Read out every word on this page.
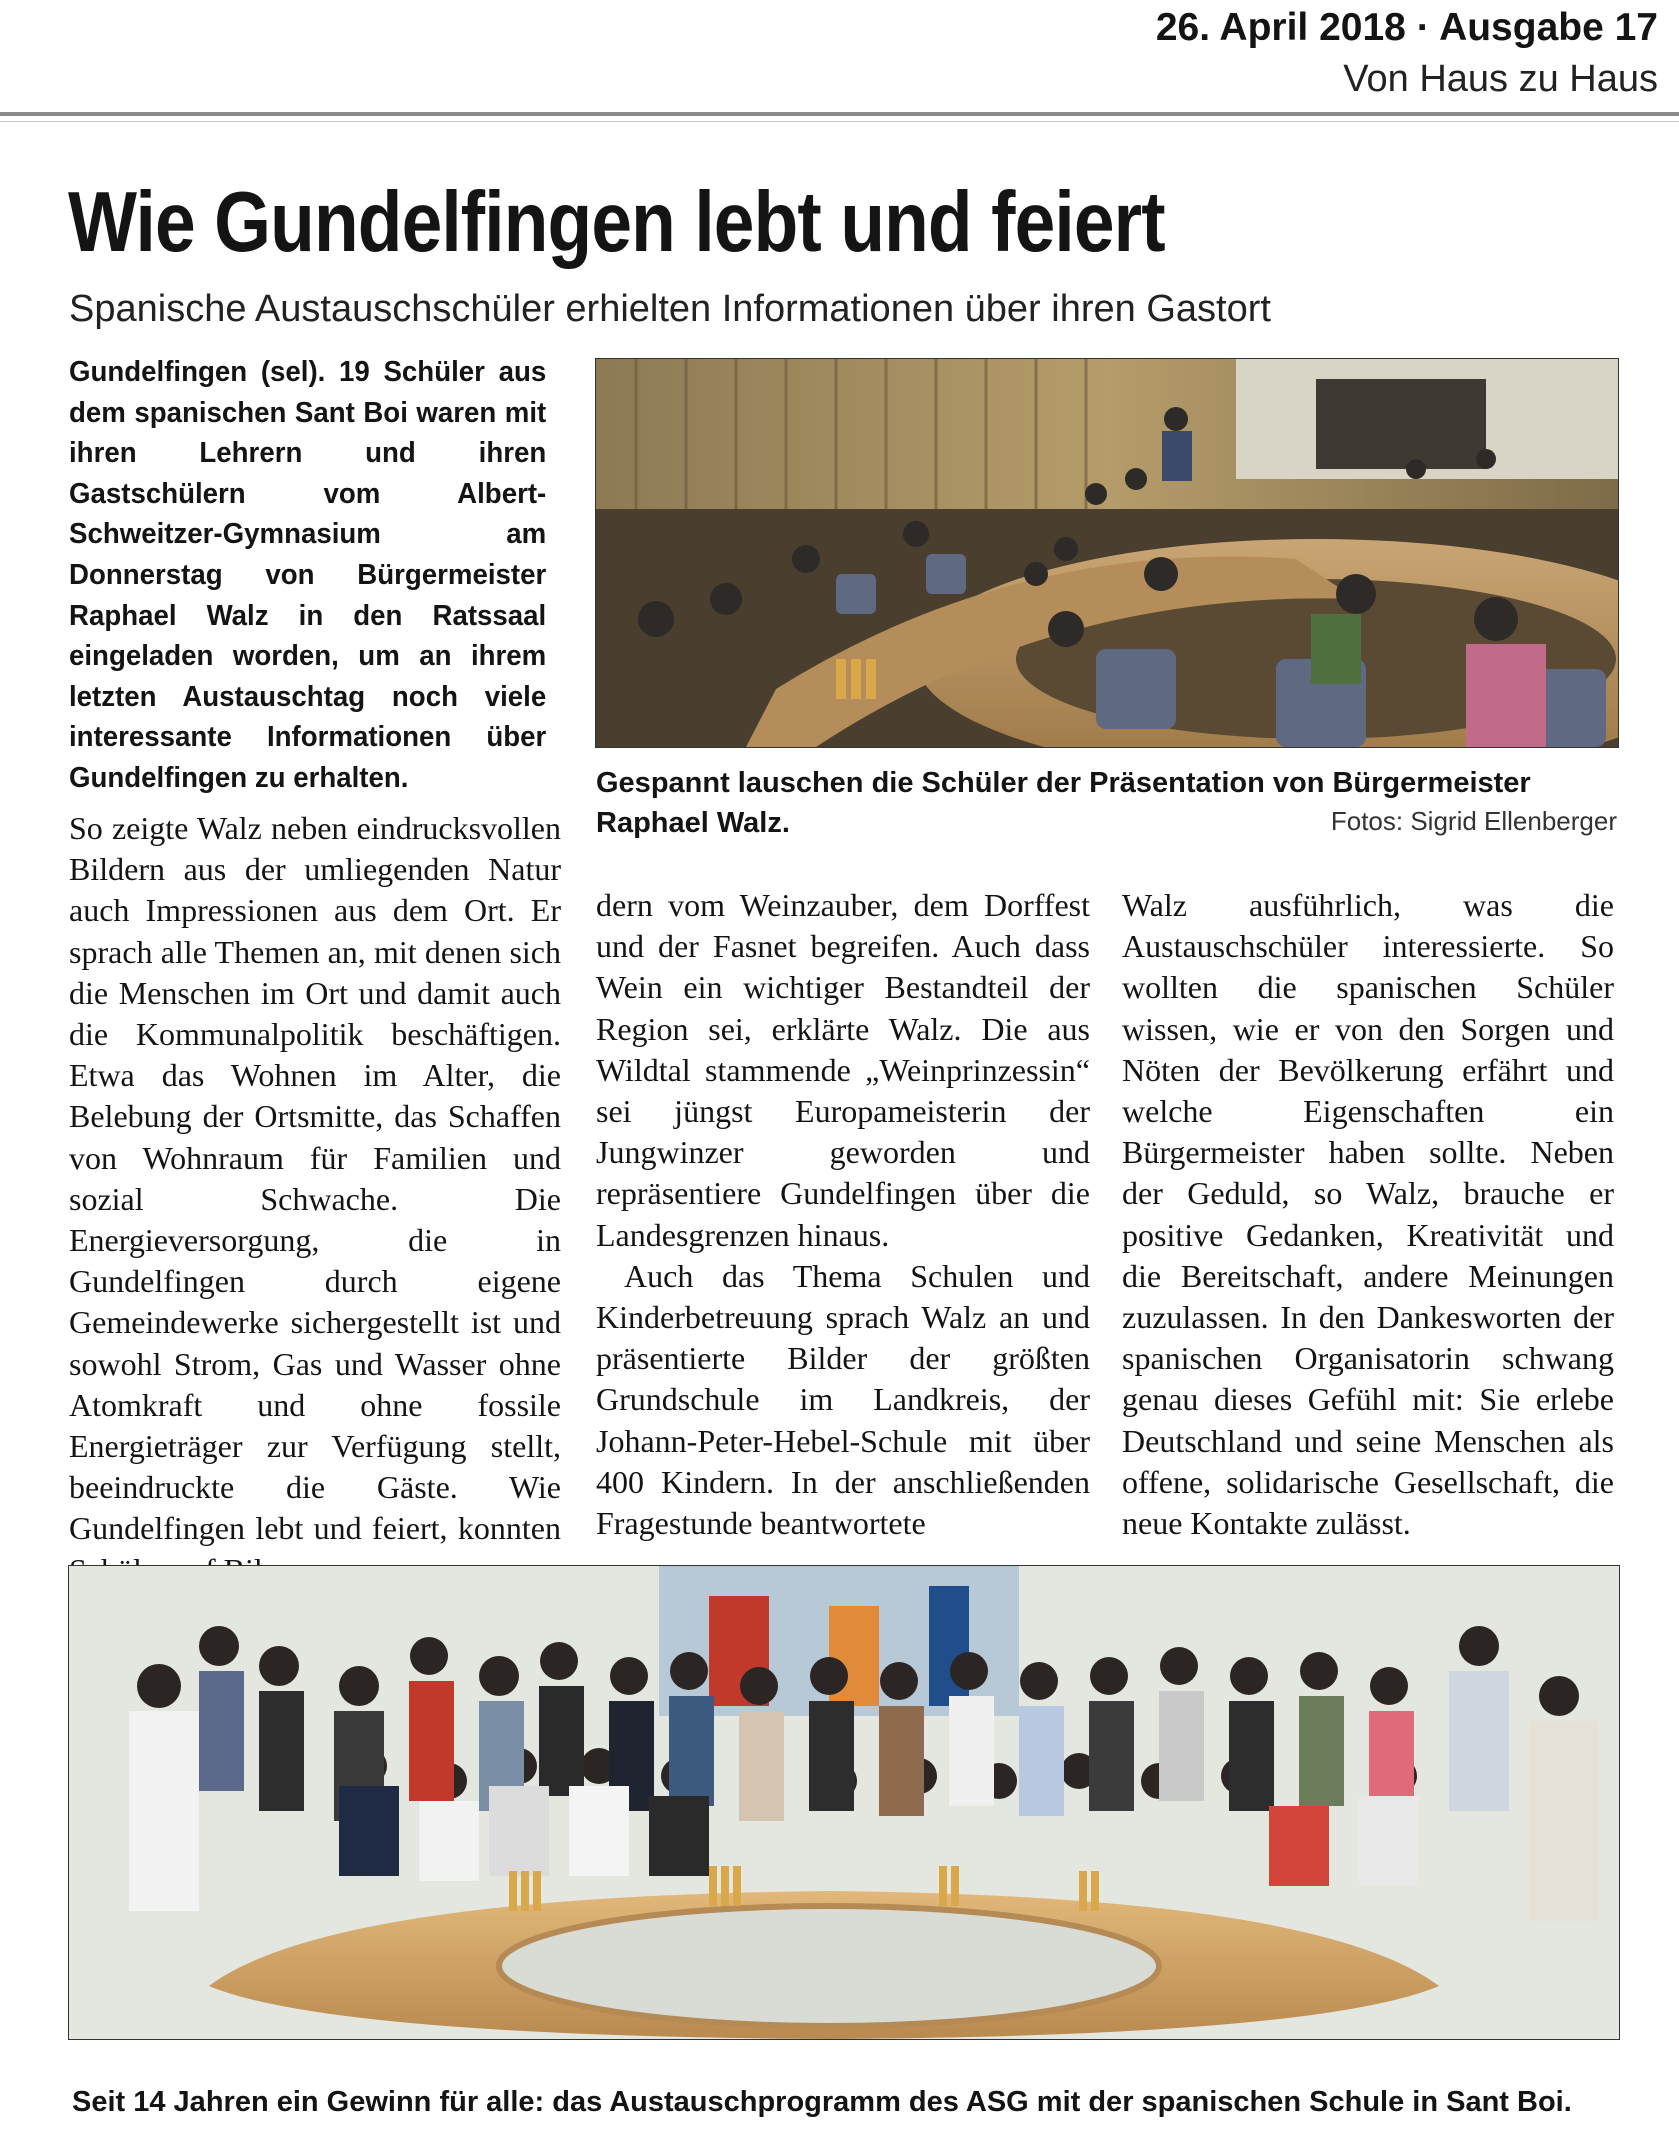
26. April 2018 · Ausgabe 17
Von Haus zu Haus
Wie Gundelfingen lebt und feiert
Spanische Austauschschüler erhielten Informationen über ihren Gastort
Gundelfingen (sel). 19 Schüler aus dem spanischen Sant Boi waren mit ihren Lehrern und ihren Gastschülern vom Albert-Schweitzer-Gymnasium am Donnerstag von Bürgermeister Raphael Walz in den Ratssaal eingeladen worden, um an ihrem letzten Austauschtag noch viele interessante Informationen über Gundelfingen zu erhalten.	Gespannt lauschen die Schüler der Präsentation von Bürgermeister Raphael Walz.	Fotos: Sigrid Ellenberger

So zeigte Walz neben eindrucksvollen Bildern aus der umliegenden Natur auch Impressionen aus dem Ort. Er sprach alle Themen an, mit denen sich die Menschen im Ort und damit auch die Kommunalpolitik beschäftigen. Etwa das Wohnen im Alter, die Belebung der Ortsmitte, das Schaffen von Wohnraum für Familien und sozial Schwache. Die Energieversorgung, die in Gundelfingen durch eigene Gemeindewerke sichergestellt ist und sowohl Strom, Gas und Wasser ohne Atomkraft und ohne fossile Energieträger zur Verfügung stellt, beeindruckte die Gäste. Wie Gundelfingen lebt und feiert, konnten

dern vom Weinzauber, dem Dorffest und der Fasnet begreifen. Auch dass Wein ein wichtiger Bestandteil der Region sei, erklärte Walz. Die aus Wildtal stammende „Weinprinzessin“ sei jüngst Europameisterin der Jungwinzer geworden und repräsentiere Gundelfingen über die Landesgrenzen hinaus.

Auch das Thema Schulen und Kinderbetreuung sprach Walz an und präsentierte Bilder der größten Grundschule im Landkreis, der Johann-Peter-Hebel-Schule mit über 400 Kindern. In der anschließenden Fragestunde beantwortete

Walz ausführlich, was die Austauschschüler interessierte. So wollten die spanischen Schüler wissen, wie er von den Sorgen und Nöten der Bevölkerung erfährt und welche Eigenschaften ein Bürgermeister haben sollte. Neben der Geduld, so Walz, brauche er positive Gedanken, Kreativität und die Bereitschaft, andere Meinungen zuzulassen. In den Dankesworten der spanischen Organisatorin schwang genau dieses Gefühl mit: Sie erlebe Deutschland und seine Menschen als offene, solidarische Gesellschaft, die neue Kontakte zulässt.

Seit 14 Jahren ein Gewinn für alle: das Austauschprogramm des ASG mit der spanischen Schule in Sant Boi.
